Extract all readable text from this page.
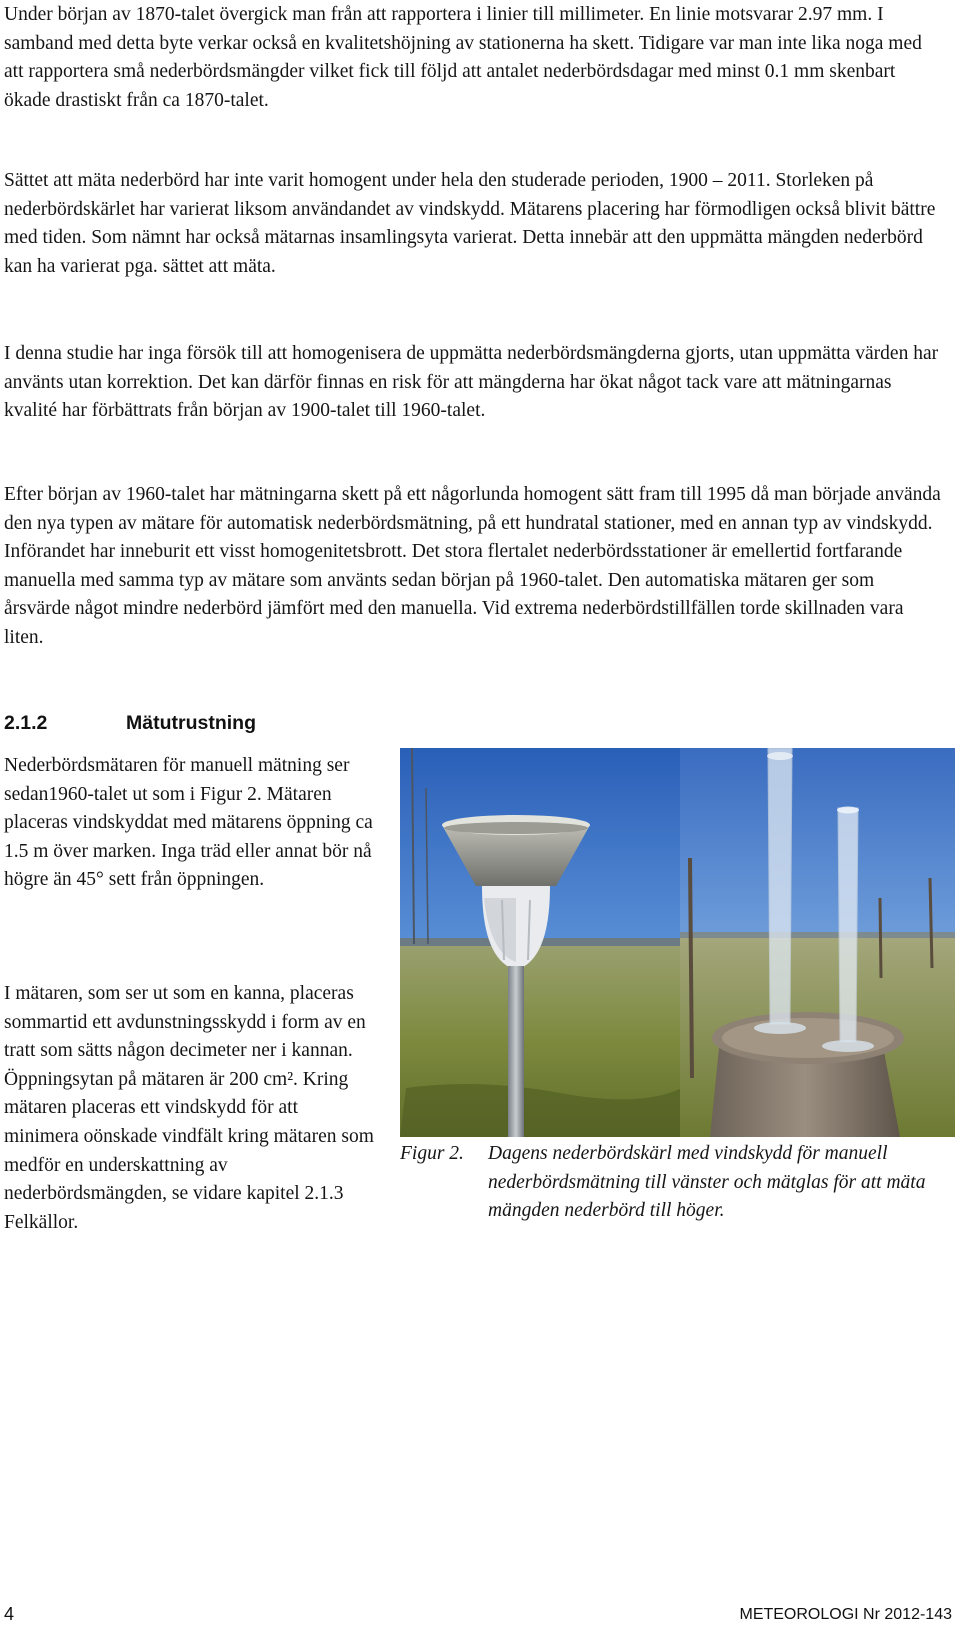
Under början av 1870-talet övergick man från att rapportera i linier till millimeter. En linie motsvarar 2.97 mm. I samband med detta byte verkar också en kvalitetshöjning av stationerna ha skett. Tidigare var man inte lika noga med att rapportera små nederbördsmängder vilket fick till följd att antalet nederbördsdagar med minst 0.1 mm skenbart ökade drastiskt från ca 1870-talet.

Sättet att mäta nederbörd har inte varit homogent under hela den studerade perioden, 1900 – 2011. Storleken på nederbördskärlet har varierat liksom användandet av vindskydd. Mätarens placering har förmodligen också blivit bättre med tiden. Som nämnt har också mätarnas insamlingsyta varierat. Detta innebär att den uppmätta mängden nederbörd kan ha varierat pga. sättet att mäta.

I denna studie har inga försök till att homogenisera de uppmätta nederbördsmängderna gjorts, utan uppmätta värden har använts utan korrektion. Det kan därför finnas en risk för att mängderna har ökat något tack vare att mätningarnas kvalité har förbättrats från början av 1900-talet till 1960-talet.

Efter början av 1960-talet har mätningarna skett på ett någorlunda homogent sätt fram till 1995 då man började använda den nya typen av mätare för automatisk nederbördsmätning, på ett hundratal stationer, med en annan typ av vindskydd. Införandet har inneburit ett visst homogenitetsbrott. Det stora flertalet nederbördsstationer är emellertid fortfarande manuella med samma typ av mätare som använts sedan början på 1960-talet. Den automatiska mätaren ger som årsvärde något mindre nederbörd jämfört med den manuella. Vid extrema nederbördstillfällen torde skillnaden vara liten.

2.1.2	Mätutrustning

Nederbördsmätaren för manuell mätning ser sedan1960-talet ut som i Figur 2. Mätaren placeras vindskyddat med mätarens öppning ca 1.5 m över marken. Inga träd eller annat bör nå högre än 45° sett från öppningen.

I mätaren, som ser ut som en kanna, placeras sommartid ett avdunstningsskydd i form av en tratt som sätts någon decimeter ner i kannan. Öppningsytan på mätaren är 200 cm². Kring mätaren placeras ett vindskydd för att minimera oönskade vindfält kring mätaren som medför en underskattning av nederbördsmängden, se vidare kapitel 2.1.3 Felkällor.

Figur 2.	Dagens nederbördskärl med vindskydd för manuell nederbördsmätning till vänster och mätglas för att mäta mängden nederbörd till höger.

4	METEOROLOGI Nr 2012-143
